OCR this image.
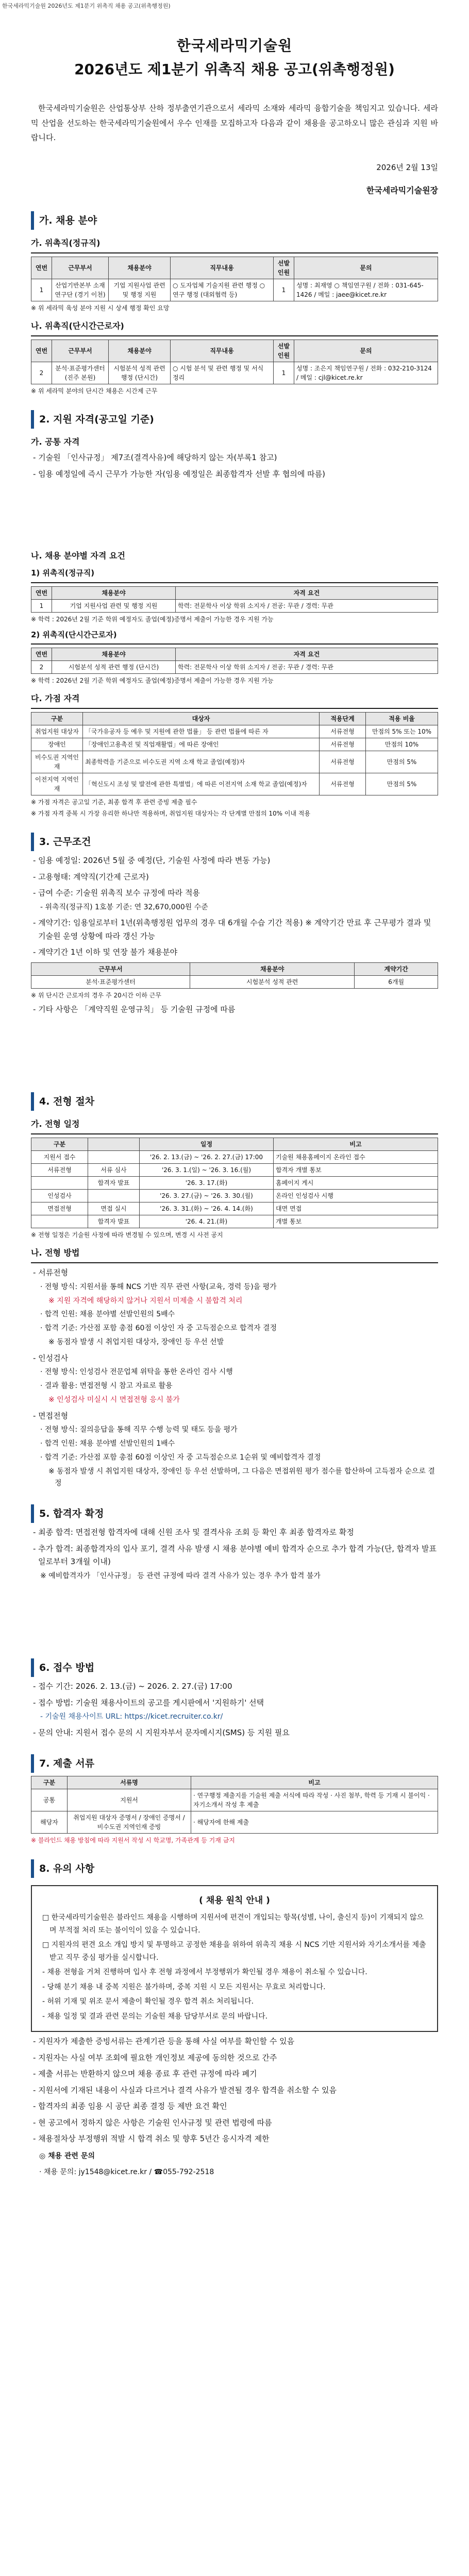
한국세라믹기술원 2026년도 제1분기 위촉직 채용 공고(위촉행정원)
한국세라믹기술원
2026년도 제1분기 위촉직 채용 공고(위촉행정원)
한국세라믹기술원은 산업통상부 산하 정부출연기관으로서 세라믹 소재와 세라믹 융합기술을 책임지고 있습니다. 세라믹 산업을 선도하는 한국세라믹기술원에서 우수 인재를 모집하고자 다음과 같이 채용을 공고하오니 많은 관심과 지원 바랍니다.
2026년 2월 13일
한국세라믹기술원장
가. 채용 분야
가. 위촉직(정규직)
연번	근무부서	채용분야	직무내용	선발인원	문의
1	산업기반본부 소재연구단 (경기 이천)	기업 지원사업 관련 및 행정 지원	○ 도자업체 기술지원 관련 행정 ○ 연구 행정 (대외협력 등)	1	성명 : 최재영 ○ 책임연구원 / 전화 : 031-645-1426 / 메일 : jaee@kicet.re.kr
※ 위 세라믹 육성 분야 지원 시 상세 행정 확인 요망
나. 위촉직(단시간근로자)
연번	근무부서	채용분야	직무내용	선발인원	문의
2	분석·표준평가센터 (진주 본원)	시험분석 성적 관련 행정 (단시간)	○ 시험 분석 및 관련 행정 및 서식 정리	1	성명 : 조은지 책임연구원 / 전화 : 032-210-3124 / 메일 : cjl@kicet.re.kr
※ 위 세라믹 분야의 단시간 채용은 시간제 근무
2. 지원 자격(공고일 기준)
가. 공통 자격
- 기술원 「인사규정」 제7조(결격사유)에 해당하지 않는 자(부록1 참고)
- 임용 예정일에 즉시 근무가 가능한 자(임용 예정일은 최종합격자 선발 후 협의에 따름)
나. 채용 분야별 자격 요건
1) 위촉직(정규직)
연번	채용분야	자격 요건
1	기업 지원사업 관련 및 행정 지원	학력: 전문학사 이상 학위 소지자 / 전공: 무관 / 경력: 무관
※ 학력 : 2026년 2월 기준 학위 예정자도 졸업(예정)증명서 제출이 가능한 경우 지원 가능
2) 위촉직(단시간근로자)
연번	채용분야	자격 요건
2	시험분석 성적 관련 행정 (단시간)	학력: 전문학사 이상 학위 소지자 / 전공: 무관 / 경력: 무관
※ 학력 : 2026년 2월 기준 학위 예정자도 졸업(예정)증명서 제출이 가능한 경우 지원 가능
다. 가점 자격
구분	대상자	적용단계	적용 비율
취업지원 대상자	「국가유공자 등 예우 및 지원에 관한 법률」 등 관련 법률에 따른 자	서류전형	만점의 5% 또는 10%
장애인	「장애인고용촉진 및 직업재활법」에 따른 장애인	서류전형	만점의 10%
비수도권 지역인재	최종학력을 기준으로 비수도권 지역 소재 학교 졸업(예정)자	서류전형	만점의 5%
이전지역 지역인재	「혁신도시 조성 및 발전에 관한 특별법」에 따른 이전지역 소재 학교 졸업(예정)자	서류전형	만점의 5%
※ 가점 자격은 공고일 기준, 최종 합격 후 관련 증빙 제출 필수
※ 가점 자격 중복 시 가장 유리한 하나만 적용하며, 취업지원 대상자는 각 단계별 만점의 10% 이내 적용
3. 근무조건
- 임용 예정일: 2026년 5월 중 예정(단, 기술원 사정에 따라 변동 가능)
- 고용형태: 계약직(기간제 근로자)
- 급여 수준: 기술원 위촉직 보수 규정에 따라 적용
- 위촉직(정규직) 1호봉 기준: 연 32,670,000원 수준
- 계약기간: 임용일로부터 1년(위촉행정원 업무의 경우 대 6개월 수습 기간 적용) ※ 계약기간 만료 후 근무평가 결과 및 기술원 운영 상황에 따라 갱신 가능
- 계약기간 1년 이하 및 연장 불가 채용분야
근무부서	채용분야	계약기간
분석·표준평가센터	시험분석 성적 관련	6개월
※ 위 단시간 근로자의 경우 주 20시간 이하 근무
- 기타 사항은 「계약직원 운영규칙」 등 기술원 규정에 따름
4. 전형 절차
가. 전형 일정
구분		일정	비고
지원서 접수		'26. 2. 13.(금) ~ '26. 2. 27.(금) 17:00	기술원 채용홈페이지 온라인 접수
서류전형	서류 심사	'26. 3. 1.(일) ~ '26. 3. 16.(월)	합격자 개별 통보
	합격자 발표	'26. 3. 17.(화)	홈페이지 게시
인성검사		'26. 3. 27.(금) ~ '26. 3. 30.(월)	온라인 인성검사 시행
면접전형	면접 실시	'26. 3. 31.(화) ~ '26. 4. 14.(화)	대면 면접
	합격자 발표	'26. 4. 21.(화)	개별 통보
※ 전형 일정은 기술원 사정에 따라 변경될 수 있으며, 변경 시 사전 공지
나. 전형 방법
- 서류전형
· 전형 방식: 지원서를 통해 NCS 기반 직무 관련 사항(교육, 경력 등)을 평가
※ 지원 자격에 해당하지 않거나 지원서 미제출 시 불합격 처리
· 합격 인원: 채용 분야별 선발인원의 5배수
· 합격 기준: 가산점 포함 총점 60점 이상인 자 중 고득점순으로 합격자 결정
※ 동점자 발생 시 취업지원 대상자, 장애인 등 우선 선발
- 인성검사
· 전형 방식: 인성검사 전문업체 위탁을 통한 온라인 검사 시행
· 결과 활용: 면접전형 시 참고 자료로 활용
※ 인성검사 미실시 시 면접전형 응시 불가
- 면접전형
· 전형 방식: 질의응답을 통해 직무 수행 능력 및 태도 등을 평가
· 합격 인원: 채용 분야별 선발인원의 1배수
· 합격 기준: 가산점 포함 총점 60점 이상인 자 중 고득점순으로 1순위 및 예비합격자 결정
※ 동점자 발생 시 취업지원 대상자, 장애인 등 우선 선발하며, 그 다음은 면접위원 평가 점수를 합산하여 고득점자 순으로 결정
5. 합격자 확정
- 최종 합격: 면접전형 합격자에 대해 신원 조사 및 결격사유 조회 등 확인 후 최종 합격자로 확정
- 추가 합격: 최종합격자의 입사 포기, 결격 사유 발생 시 채용 분야별 예비 합격자 순으로 추가 합격 가능(단, 합격자 발표일로부터 3개월 이내)
※ 예비합격자가 「인사규정」 등 관련 규정에 따라 결격 사유가 있는 경우 추가 합격 불가
6. 접수 방법
- 접수 기간: 2026. 2. 13.(금) ~ 2026. 2. 27.(금) 17:00
- 접수 방법: 기술원 채용사이트의 공고를 게시판에서 '지원하기' 선택
- 기술원 채용사이트 URL: https://kicet.recruiter.co.kr/
- 문의 안내: 지원서 접수 문의 시 지원자부서 문자메시지(SMS) 등 지원 필요
7. 제출 서류
구분	서류명	비고
공통	지원서	· 연구행정 제출지를 기술원 제출 서식에 따라 작성 · 사진 첨부, 학력 등 기재 시 불이익 · 자기소개서 작성 후 제출
해당자	취업지원 대상자 증명서 / 장애인 증명서 / 비수도권 지역인재 증빙	· 해당자에 한해 제출
※ 블라인드 채용 방침에 따라 지원서 작성 시 학교명, 가족관계 등 기재 금지
8. 유의 사항
( 채용 원칙 안내 )

□ 한국세라믹기술원은 블라인드 채용을 시행하며 지원서에 편견이 개입되는 항목(성별, 나이, 출신지 등)이 기재되지 않으며 부적절 처리 또는 불이익이 있을 수 있습니다.

□ 지원자의 편견 요소 개입 방지 및 투명하고 공정한 채용을 위하여 위촉직 채용 시 NCS 기반 지원서와 자기소개서를 제출받고 직무 중심 평가를 실시합니다.

- 채용 전형을 거쳐 진행하며 입사 후 전형 과정에서 부정행위가 확인될 경우 채용이 취소될 수 있습니다.

- 당해 분기 채용 내 중복 지원은 불가하며, 중복 지원 시 모든 지원서는 무효로 처리합니다.

- 허위 기재 및 위조 문서 제출이 확인될 경우 합격 취소 처리됩니다.

- 채용 일정 및 결과 관련 문의는 기술원 채용 담당부서로 문의 바랍니다.

- 지원자가 제출한 증빙서류는 관계기관 등을 통해 사실 여부를 확인할 수 있음
- 지원자는 사실 여부 조회에 필요한 개인정보 제공에 동의한 것으로 간주
- 제출 서류는 반환하지 않으며 채용 종료 후 관련 규정에 따라 폐기
- 지원서에 기재된 내용이 사실과 다르거나 결격 사유가 발견될 경우 합격을 취소할 수 있음
- 합격자의 최종 임용 시 공단 최종 결정 등 제반 요건 확인
- 현 공고에서 정하지 않은 사항은 기술원 인사규정 및 관련 법령에 따름
- 채용절차상 부정행위 적발 시 합격 취소 및 향후 5년간 응시자격 제한
◎ 채용 관련 문의
· 채용 문의: jy1548@kicet.re.kr / ☎055-792-2518
